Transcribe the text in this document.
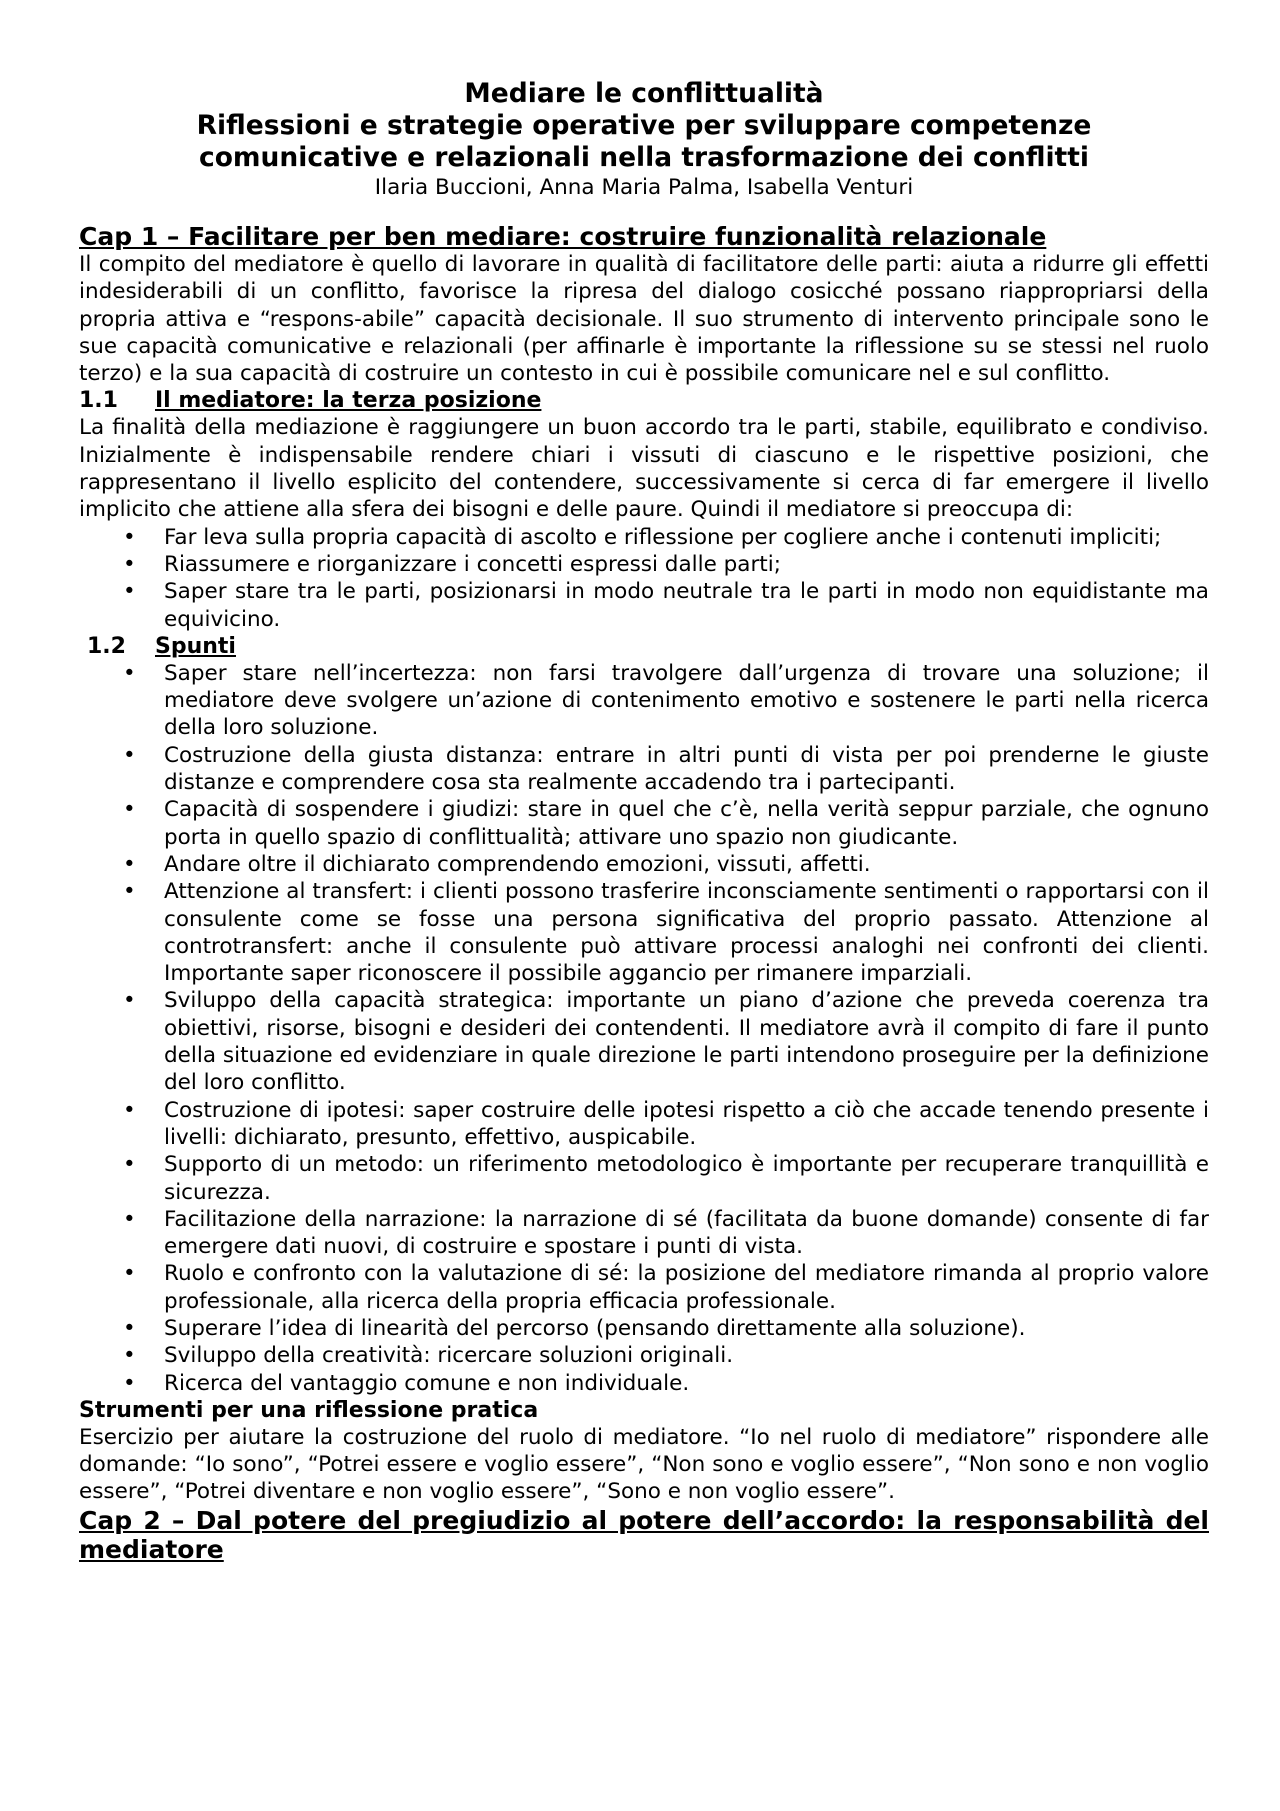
Mediare le conflittualità
Riflessioni e strategie operative per sviluppare competenze
comunicative e relazionali nella trasformazione dei conflitti
Ilaria Buccioni, Anna Maria Palma, Isabella Venturi
Cap 1 – Facilitare per ben mediare: costruire funzionalità relazionale

Il compito del mediatore è quello di lavorare in qualità di facilitatore delle parti: aiuta a ridurre gli effetti indesiderabili di un conflitto, favorisce la ripresa del dialogo cosicché possano riappropriarsi della propria attiva e “respons-abile” capacità decisionale. Il suo strumento di intervento principale sono le sue capacità comunicative e relazionali (per affinarle è importante la riflessione su se stessi nel ruolo terzo) e la sua capacità di costruire un contesto in cui è possibile comunicare nel e sul conflitto.

1.1 Il mediatore: la terza posizione

La finalità della mediazione è raggiungere un buon accordo tra le parti, stabile, equilibrato e condiviso. Inizialmente è indispensabile rendere chiari i vissuti di ciascuno e le rispettive posizioni, che rappresentano il livello esplicito del contendere, successivamente si cerca di far emergere il livello implicito che attiene alla sfera dei bisogni e delle paure. Quindi il mediatore si preoccupa di:

• Far leva sulla propria capacità di ascolto e riflessione per cogliere anche i contenuti impliciti;
• Riassumere e riorganizzare i concetti espressi dalle parti;
• Saper stare tra le parti, posizionarsi in modo neutrale tra le parti in modo non equidistante ma equivicino.
1.2 Spunti
• Saper stare nell’incertezza: non farsi travolgere dall’urgenza di trovare una soluzione; il mediatore deve svolgere un’azione di contenimento emotivo e sostenere le parti nella ricerca della loro soluzione.
• Costruzione della giusta distanza: entrare in altri punti di vista per poi prenderne le giuste distanze e comprendere cosa sta realmente accadendo tra i partecipanti.
• Capacità di sospendere i giudizi: stare in quel che c’è, nella verità seppur parziale, che ognuno porta in quello spazio di conflittualità; attivare uno spazio non giudicante.
• Andare oltre il dichiarato comprendendo emozioni, vissuti, affetti.
• Attenzione al transfert: i clienti possono trasferire inconsciamente sentimenti o rapportarsi con il consulente come se fosse una persona significativa del proprio passato. Attenzione al controtransfert: anche il consulente può attivare processi analoghi nei confronti dei clienti. Importante saper riconoscere il possibile aggancio per rimanere imparziali.
• Sviluppo della capacità strategica: importante un piano d’azione che preveda coerenza tra obiettivi, risorse, bisogni e desideri dei contendenti. Il mediatore avrà il compito di fare il punto della situazione ed evidenziare in quale direzione le parti intendono proseguire per la definizione del loro conflitto.
• Costruzione di ipotesi: saper costruire delle ipotesi rispetto a ciò che accade tenendo presente i livelli: dichiarato, presunto, effettivo, auspicabile.
• Supporto di un metodo: un riferimento metodologico è importante per recuperare tranquillità e sicurezza.
• Facilitazione della narrazione: la narrazione di sé (facilitata da buone domande) consente di far emergere dati nuovi, di costruire e spostare i punti di vista.
• Ruolo e confronto con la valutazione di sé: la posizione del mediatore rimanda al proprio valore professionale, alla ricerca della propria efficacia professionale.
• Superare l’idea di linearità del percorso (pensando direttamente alla soluzione).
• Sviluppo della creatività: ricercare soluzioni originali.
• Ricerca del vantaggio comune e non individuale.
Strumenti per una riflessione pratica

Esercizio per aiutare la costruzione del ruolo di mediatore. “Io nel ruolo di mediatore” rispondere alle domande: “Io sono”, “Potrei essere e voglio essere”, “Non sono e voglio essere”, “Non sono e non voglio essere”, “Potrei diventare e non voglio essere”, “Sono e non voglio essere”.

Cap 2 – Dal potere del pregiudizio al potere dell’accordo: la responsabilità del mediatore
